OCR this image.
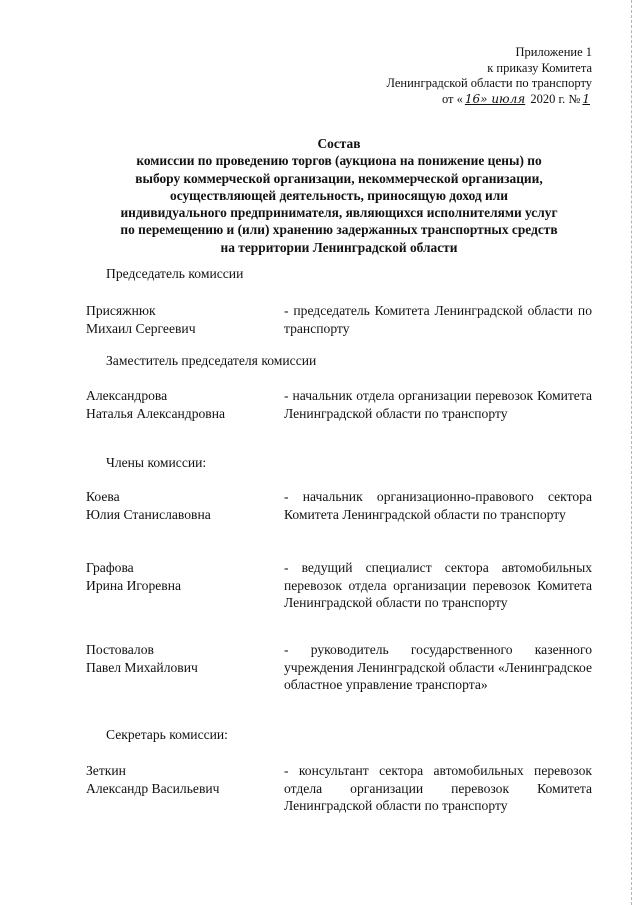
Приложение 1
к приказу Комитета
Ленинградской области по транспорту
от « 16» июля 2020 г. № 1
Состав
комиссии по проведению торгов (аукциона на понижение цены) по
выбору коммерческой организации, некоммерческой организации,
осуществляющей деятельность, приносящую доход или
индивидуального предпринимателя, являющихся исполнителями услуг
по перемещению и (или) хранению задержанных транспортных средств
на территории Ленинградской области
Председатель комиссии
Присяжнюк
Михаил Сергеевич
- председатель Комитета Ленинградской области по транспорту
Заместитель председателя комиссии
Александрова
Наталья Александровна
- начальник отдела организации перевозок Комитета Ленинградской области по транспорту
Члены комиссии:
Коева
Юлия Станиславовна
- начальник организационно-правового сектора Комитета Ленинградской области по транспорту
Графова
Ирина Игоревна
- ведущий специалист сектора автомобильных перевозок отдела организации перевозок Комитета Ленинградской области по транспорту
Постовалов
Павел Михайлович
- руководитель государственного казенного учреждения Ленинградской области «Ленинградское областное управление транспорта»
Секретарь комиссии:
Зеткин
Александр Васильевич
- консультант сектора автомобильных перевозок отдела организации перевозок Комитета Ленинградской области по транспорту
